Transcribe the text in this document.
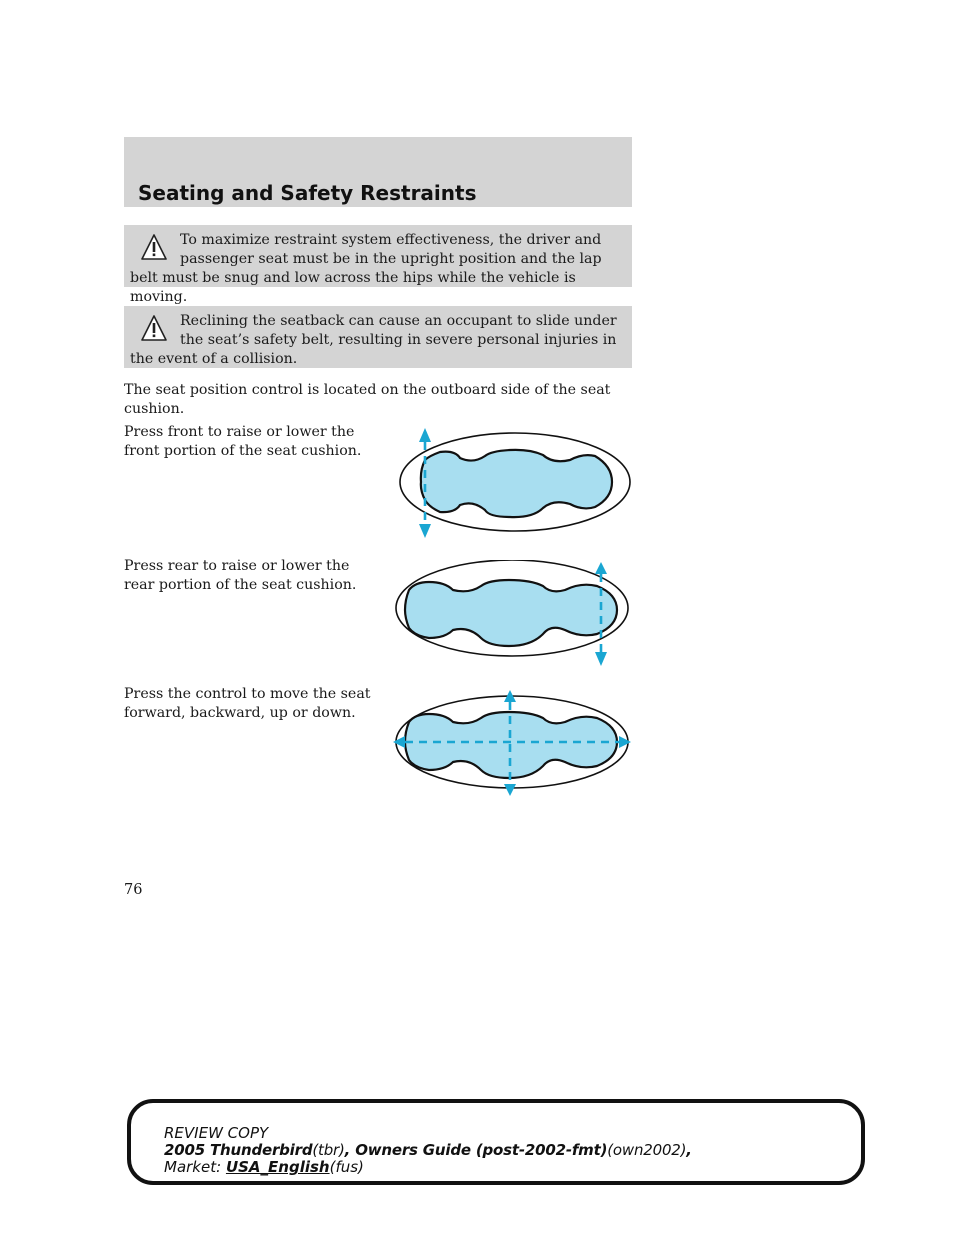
Seating and Safety Restraints
To maximize restraint system effectiveness, the driver and passenger seat must be in the upright position and the lap belt must be snug and low across the hips while the vehicle is moving.
Reclining the seatback can cause an occupant to slide under the seat’s safety belt, resulting in severe personal injuries in the event of a collision.
The seat position control is located on the outboard side of the seat cushion.
Press front to raise or lower the front portion of the seat cushion.
Press rear to raise or lower the rear portion of the seat cushion.
Press the control to move the seat forward, backward, up or down.
76
REVIEW COPY
2005 Thunderbird(tbr), Owners Guide (post-2002-fmt)(own2002),
Market: USA_English(fus)
